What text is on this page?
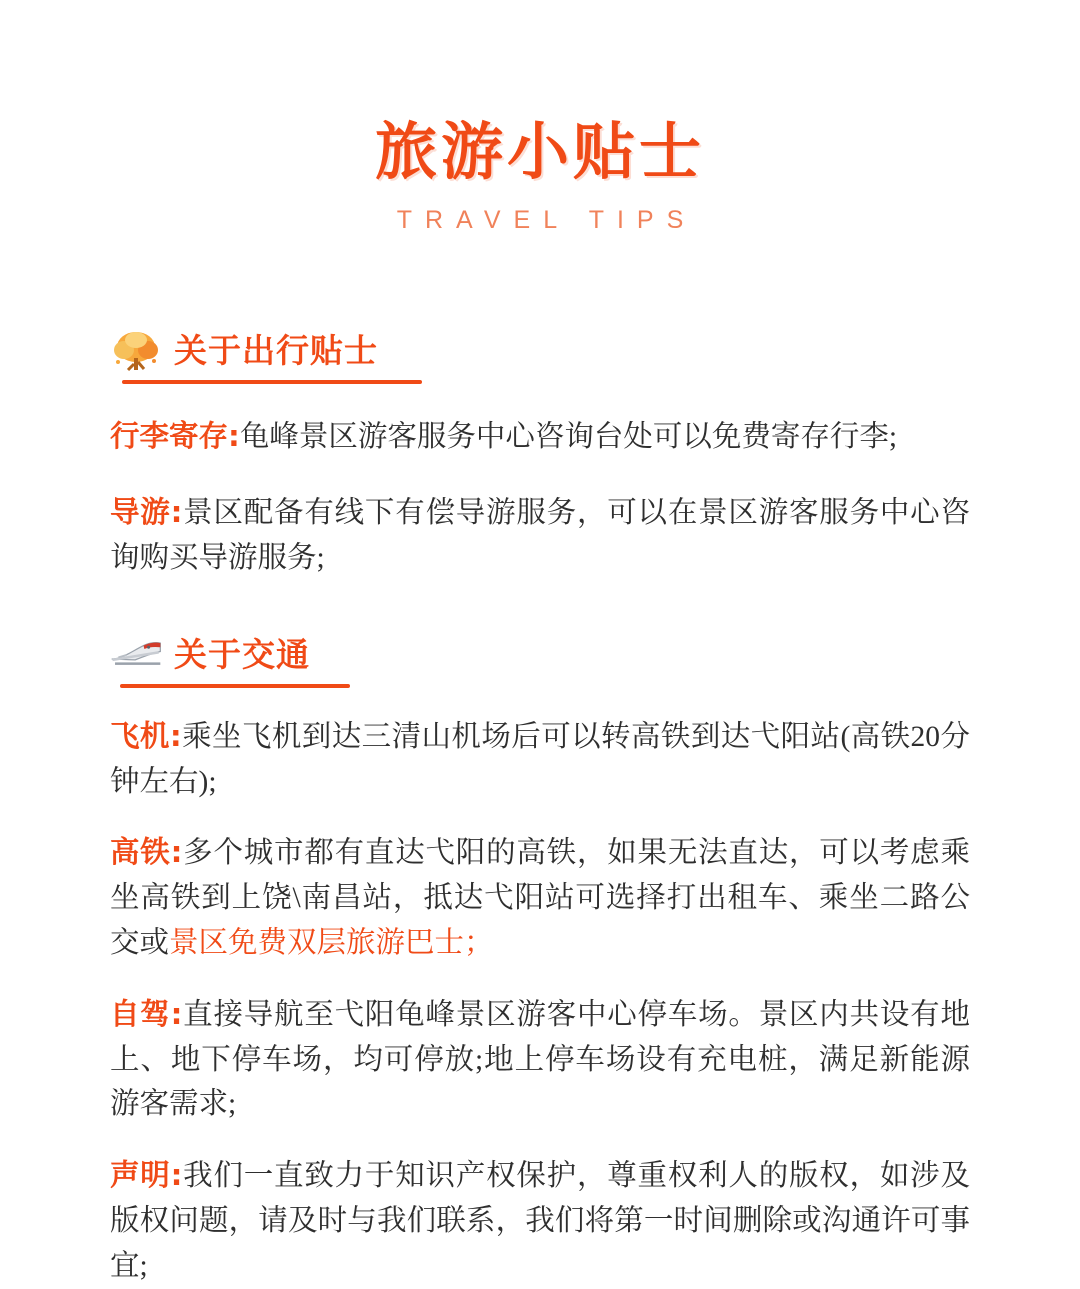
旅游小贴士
TRAVEL TIPS
关于出行贴士

行李寄存:龟峰景区游客服务中心咨询台处可以免费寄存行李;

导游:景区配备有线下有偿导游服务，可以在景区游客服务中心咨询购买导游服务;

关于交通

飞机:乘坐飞机到达三清山机场后可以转高铁到达弋阳站(高铁20分钟左右);

高铁:多个城市都有直达弋阳的高铁，如果无法直达，可以考虑乘坐高铁到上饶\南昌站，抵达弋阳站可选择打出租车、乘坐二路公交或景区免费双层旅游巴士；

自驾:直接导航至弋阳龟峰景区游客中心停车场。景区内共设有地上、地下停车场，均可停放;地上停车场设有充电桩，满足新能源游客需求;

声明:我们一直致力于知识产权保护，尊重权利人的版权，如涉及版权问题，请及时与我们联系，我们将第一时间删除或沟通许可事宜;
